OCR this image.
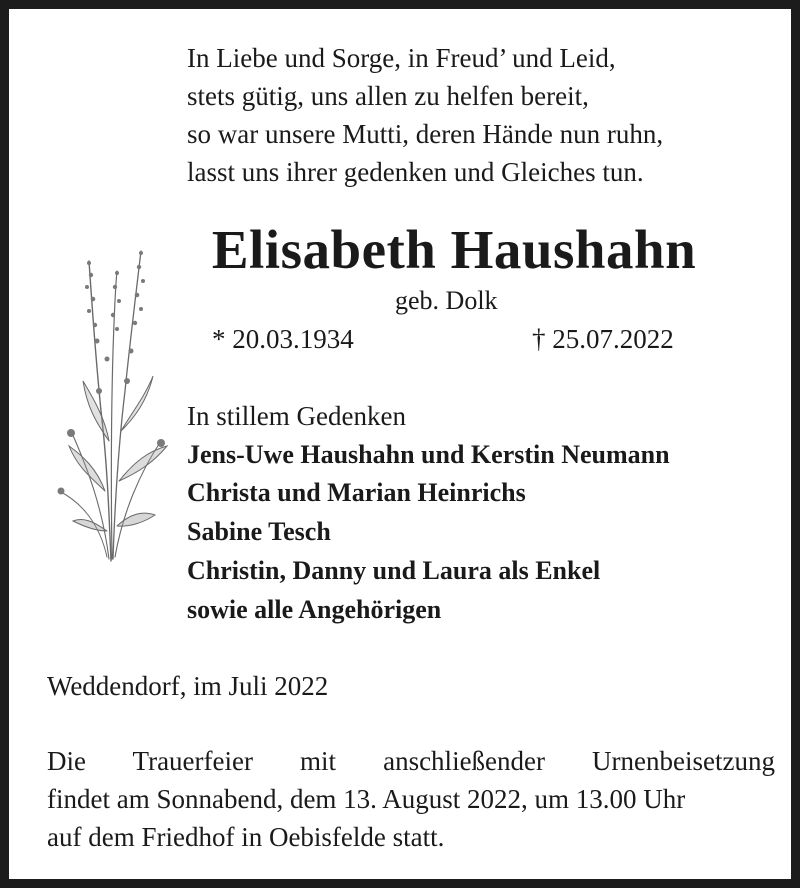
In Liebe und Sorge, in Freud’ und Leid,
stets gütig, uns allen zu helfen bereit,
so war unsere Mutti, deren Hände nun ruhn,
lasst uns ihrer gedenken und Gleiches tun.
Elisabeth Haushahn
geb. Dolk
* 20.03.1934	† 25.07.2022
In stillem Gedenken
Jens-Uwe Haushahn und Kerstin Neumann
Christa und Marian Heinrichs
Sabine Tesch
Christin, Danny und Laura als Enkel
sowie alle Angehörigen
Weddendorf, im Juli 2022
Die Trauerfeier mit anschließender Urnenbeisetzung
findet am Sonnabend, dem 13. August 2022, um 13.00 Uhr
auf dem Friedhof in Oebisfelde statt.
